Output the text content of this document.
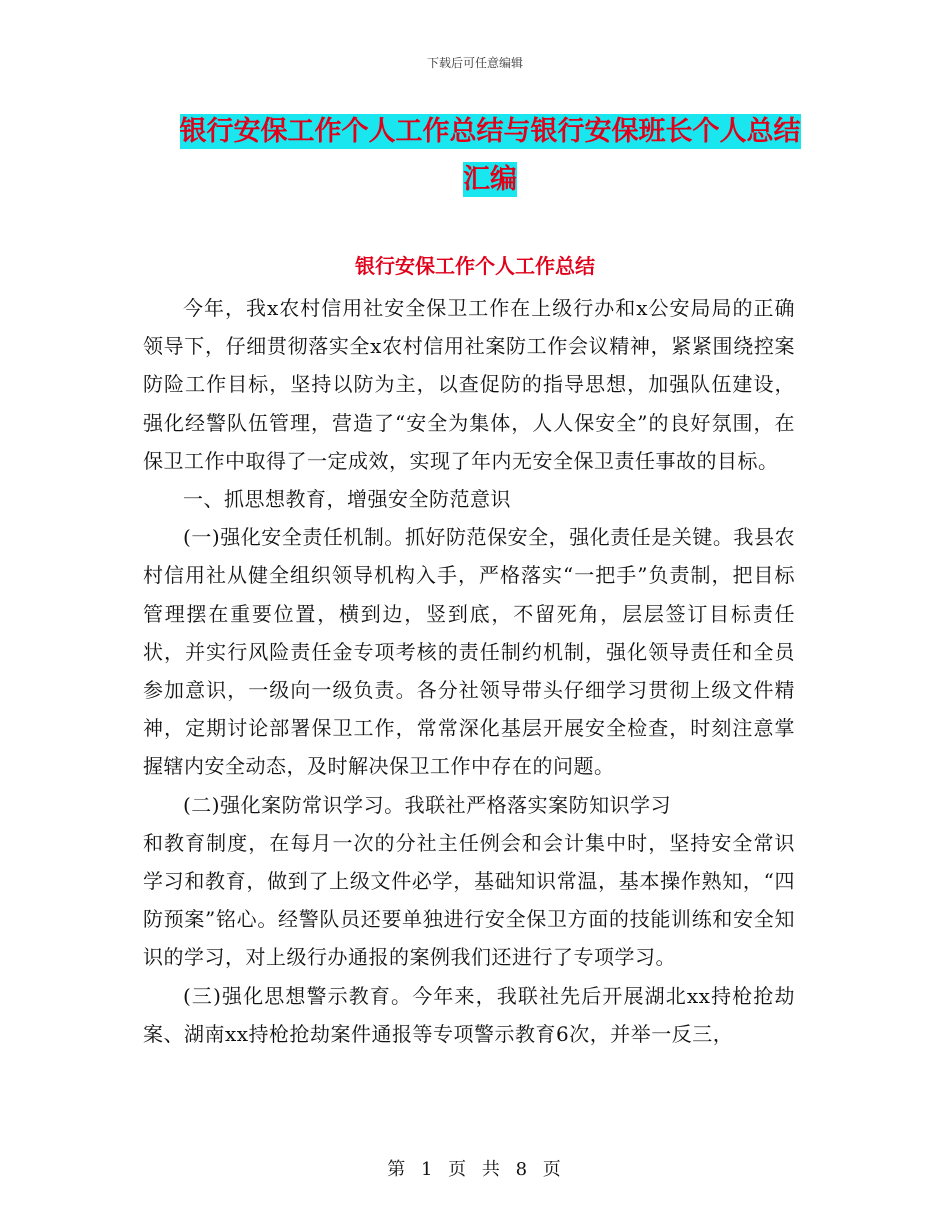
下载后可任意编辑
银行安保工作个人工作总结与银行安保班长个人总结
汇编
银行安保工作个人工作总结

今年，我x农村信用社安全保卫工作在上级行办和x公安局局的正确领导下，仔细贯彻落实全x农村信用社案防工作会议精神，紧紧围绕控案防险工作目标，坚持以防为主，以查促防的指导思想，加强队伍建设，强化经警队伍管理，营造了“安全为集体，人人保安全”的良好氛围，在保卫工作中取得了一定成效，实现了年内无安全保卫责任事故的目标。

一、抓思想教育，增强安全防范意识

(一)强化安全责任机制。抓好防范保安全，强化责任是关键。我县农村信用社从健全组织领导机构入手，严格落实“一把手”负责制，把目标管理摆在重要位置，横到边，竖到底，不留死角，层层签订目标责任状，并实行风险责任金专项考核的责任制约机制，强化领导责任和全员参加意识，一级向一级负责。各分社领导带头仔细学习贯彻上级文件精神，定期讨论部署保卫工作，常常深化基层开展安全检查，时刻注意掌握辖内安全动态，及时解决保卫工作中存在的问题。

(二)强化案防常识学习。我联社严格落实案防知识学习

和教育制度，在每月一次的分社主任例会和会计集中时，坚持安全常识学习和教育，做到了上级文件必学，基础知识常温，基本操作熟知，“四防预案”铭心。经警队员还要单独进行安全保卫方面的技能训练和安全知识的学习，对上级行办通报的案例我们还进行了专项学习。

(三)强化思想警示教育。今年来，我联社先后开展湖北xx持枪抢劫案、湖南xx持枪抢劫案件通报等专项警示教育6次，并举一反三，

第 1 页 共 8 页
